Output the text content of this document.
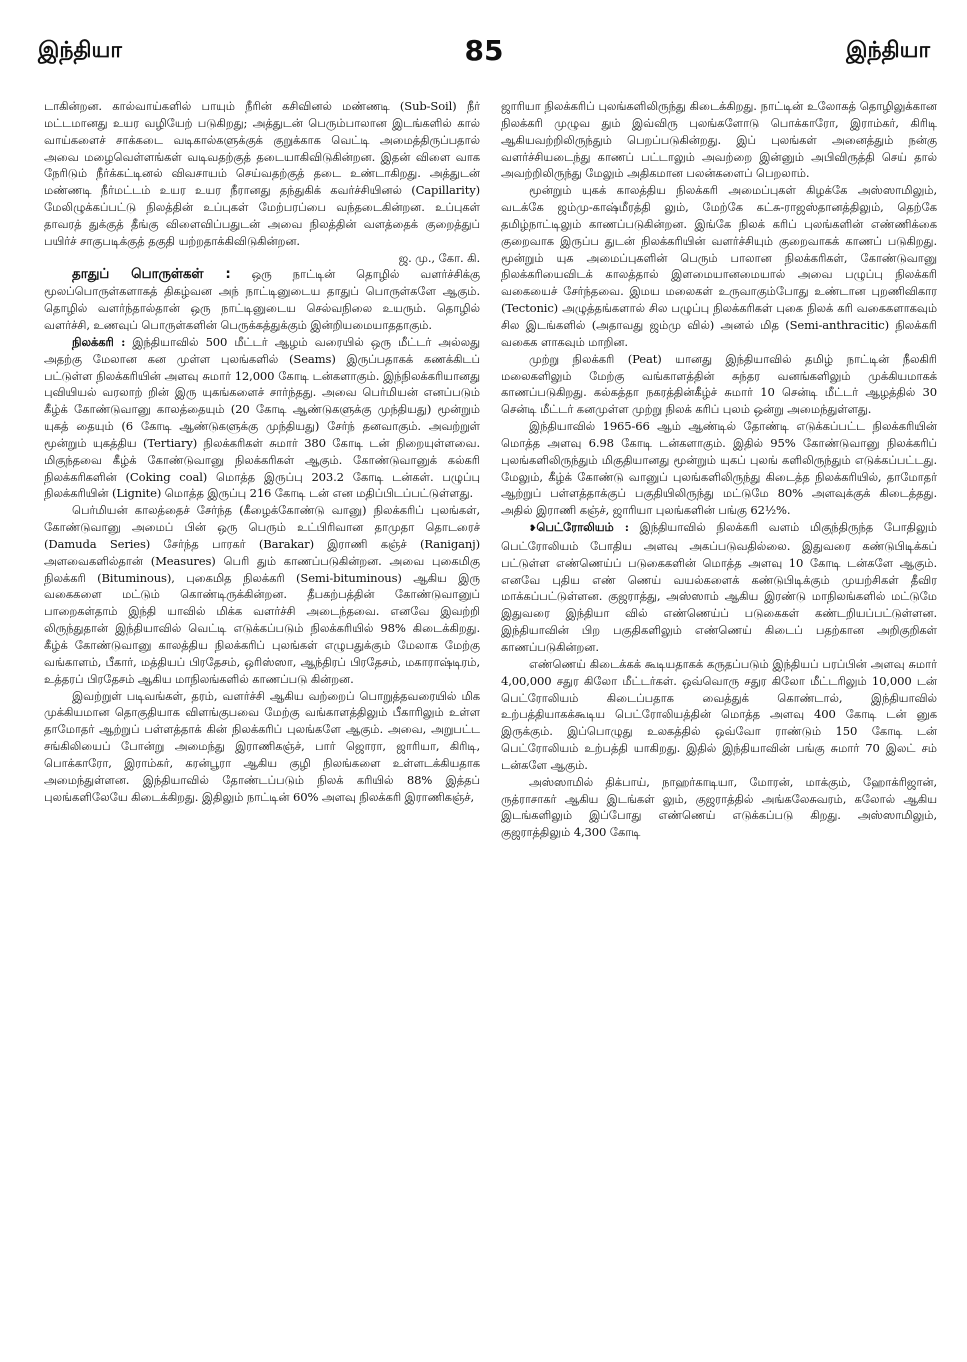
இந்தியா	85	இந்தியா

டாகின்றன. கால்வாய்களில் பாயும் நீரின் கசிவினல் மண்ணடி (Sub-Soil) நீர் மட்டமானது உயர வழியேற் படுகிறது; அத்துடன் பெரும்பாலான இடங்களில் கால் வாய்களைச் சாக்கடை வடிகால்களுக்குக் குறுக்காக வெட்டி அமைத்திருப்பதால் அவை மழைவெள்ளங்கள் வடிவதற்குத் தடையாகிவிடுகின்றன. இதன் விளை வாக நேரிடும் நீர்க்கட்டினல் விவசாயம் செய்வதற்குத் தடை உண்டாகிறது. அத்துடன் மண்ணடி நீர்மட்டம் உயர உயர நீரானது தந்துகிக் கவர்ச்சியினல் (Capillarity) மேலிழுக்கப்பட்டு நிலத்தின் உப்புகள் மேற்பரப்பை வந்தடைகின்றன. உப்புகள் தாவரத் துக்குத் தீங்கு விளைவிப்பதுடன் அவை நிலத்தின் வளத்தைக் குறைத்துப் பயிர்ச் சாகுபடிக்குத் தகுதி யற்றதாக்கிவிடுகின்றன.

ஜ. மு., கோ. கி.

தாதுப் பொருள்கள் : ஒரு நாட்டின் தொழில் வளர்ச்சிக்கு மூலப்பொருள்களாகத் திகழ்வன அந் நாட்டினுடைய தாதுப் பொருள்களே ஆகும். தொழில் வளர்ந்தால்தான் ஒரு நாட்டினுடைய செல்வநிலை உயரும். தொழில் வளர்ச்சி, உணவுப் பொருள்களின் பெருக்கத்துக்கும் இன்றியமையாததாகும்.

நிலக்கரி : இந்தியாவில் 500 மீட்டர் ஆழம் வரையில் ஒரு மீட்டர் அல்லது அதற்கு மேலான கன முள்ள புலங்களில் (Seams) இருப்பதாகக் கணக்கிடப் பட்டுள்ள நிலக்கரியின் அளவு சுமார் 12,000 கோடி டன்களாகும். இந்நிலக்கரியானது புவியியல் வரலாற் றின் இரு யுகங்களைச் சார்ந்தது. அவை பெர்மியன் எனப்படும் கீழ்க் கோண்டுவானு காலத்தையும் (20 கோடி ஆண்டுகளுக்கு முந்தியது) மூன்றும் யுகத் தையும் (6 கோடி ஆண்டுகளுக்கு முந்தியது) சேர்ந் தனவாகும். அவற்றுள் மூன்றும் யுகத்திய (Tertiary) நிலக்கரிகள் சுமார் 380 கோடி டன் நிறையுள்ளவை. மிகுந்தவை கீழ்க் கோண்டுவானு நிலக்கரிகள் ஆகும். கோண்டுவானுக் கல்கரி நிலக்கரிகளின் (Coking coal) மொத்த இருப்பு 203.2 கோடி டன்கள். பழுப்பு நிலக்கரியின் (Lignite) மொத்த இருப்பு 216 கோடி டன் என மதிப்பிடப்பட்டுள்ளது.

பெர்மியன் காலத்தைச் சேர்ந்த (கீழைக்கோண்டு வானு) நிலக்கரிப் புலங்கள், கோண்டுவானு அமைப் பின் ஒரு பெரும் உட்பிரிவான தாமுதா தொடரைச் (Damuda Series) சேர்ந்த பாரகர் (Barakar) இராணி கஞ்ச் (Raniganj) அளவைகளில்தான் (Measures) பெரி தும் காணப்படுகின்றன. அவை புகைமிகு நிலக்கரி (Bituminous), புகைமித நிலக்கரி (Semi-bituminous) ஆகிய இரு வகைகளை மட்டும் கொண்டிருக்கின்றன. தீபகற்பத்தின் கோண்டுவானுப் பாறைகள்தாம் இந்தி யாவில் மிக்க வளர்ச்சி அடைந்தவை. எனவே இவற்றி லிருந்துதான் இந்தியாவில் வெட்டி எடுக்கப்படும் நிலக்கரியில் 98% கிடைக்கிறது. கீழ்க் கோண்டுவானு காலத்திய நிலக்கரிப் புலங்கள் எழுபதுக்கும் மேலாக மேற்கு வங்காளம், பீகார், மத்தியப் பிரதேசம், ஒரிஸ்ஸா, ஆந்திரப் பிரதேசம், மகாராஷ்டிரம், உத்தரப் பிரதேசம் ஆகிய மாநிலங்களில் காணப்படு கின்றன.

இவற்றுள் படிவங்கள், தரம், வளர்ச்சி ஆகிய வற்றைப் பொறுத்தவரையில் மிக முக்கியமான தொகுதியாக விளங்குபவை மேற்கு வங்காளத்திலும் பீகாரிலும் உள்ள தாமோதர் ஆற்றுப் பள்ளத்தாக் கின் நிலக்கரிப் புலங்களே ஆகும். அவை, அறுபட்ட சங்கிலியைப் போன்று அமைந்து இராணிகஞ்ச், பார் ஜொரா, ஜாரியா, கிரிடி, பொக்காரோ, இராம்கர், கரன்பூரா ஆகிய குழி நிலங்களை உள்ளடக்கியதாக அமைந்துள்ளன. இந்தியாவில் தோண்டப்படும் நிலக் கரியில் 88% இத்தப் புலங்களிலேயே கிடைக்கிறது. இதிலும் நாட்டின் 60% அளவு நிலக்கரி இராணிகஞ்ச்,

ஜாரியா நிலக்கரிப் புலங்களிலிருந்து கிடைக்கிறது. நாட்டின் உலோகத் தொழிலுக்கான நிலக்கரி முழுவ தும் இவ்விரு புலங்களோடு பொக்காரோ, இராம்கர், கிரிடி ஆகியவற்றிலிருந்தும் பெறப்படுகின்றது. இப் புலங்கள் அனைத்தும் நன்கு வளர்ச்சியடைந்து காணப் பட்டாலும் அவற்றை இன்னும் அபிவிருத்தி செய் தால் அவற்றிலிருந்து மேலும் அதிகமான பலன்களைப் பெறலாம்.

மூன்றும் யுகக் காலத்திய நிலக்கரி அமைப்புகள் கிழக்கே அஸ்ஸாமிலும், வடக்கே ஜம்மு-காஷ்மீரத்தி லும், மேற்கே கட்சு-ராஜஸ்தானத்திலும், தெற்கே தமிழ்நாட்டிலும் காணப்படுகின்றன. இங்கே நிலக் கரிப் புலங்களின் எண்ணிக்கை குறைவாக இருப்ப துடன் நிலக்கரியின் வளர்ச்சியும் குறைவாகக் காணப் படுகிறது. மூன்றும் யுக அமைப்புகளின் பெரும் பாலான நிலக்கரிகள், கோண்டுவானு நிலக்கரியைவிடக் காலத்தால் இளமையானமையால் அவை பழுப்பு நிலக்கரி வகையைச் சேர்ந்தவை. இமய மலைகள் உருவாகும்போது உண்டான புறணிவிகார (Tectonic) அழுத்தங்களால் சில பழுப்பு நிலக்கரிகள் புகை நிலக் கரி வகைகளாகவும் சில இடங்களில் (அதாவது ஜம்மு வில்) அனல் மித (Semi-anthracitic) நிலக்கரி வகைக ளாகவும் மாறின.

முற்று நிலக்கரி (Peat) யானது இந்தியாவில் தமிழ் நாட்டின் நீலகிரி மலைகளிலும் மேற்கு வங்காளத்தின் சுந்தர வனங்களிலும் முக்கியமாகக் காணப்படுகிறது. கல்கத்தா நகரத்தின்கீழ்ச் சுமார் 10 சென்டி மீட்டர் ஆழத்தில் 30 சென்டி மீட்டர் கனமுள்ள முற்று நிலக் கரிப் புலம் ஒன்று அமைந்துள்ளது.

இந்தியாவில் 1965-66 ஆம் ஆண்டில் தோண்டி எடுக்கப்பட்ட நிலக்கரியின் மொத்த அளவு 6.98 கோடி டன்களாகும். இதில் 95% கோண்டுவானு நிலக்கரிப் புலங்களிலிருந்தும் மிகுதியானது மூன்றும் யுகப் புலங் களிலிருந்தும் எடுக்கப்பட்டது. மேலும், கீழ்க் கோண்டு வானுப் புலங்களிலிருந்து கிடைத்த நிலக்கரியில், தாமோதர் ஆற்றுப் பள்ளத்தாக்குப் பகுதியிலிருந்து மட்டுமே 80% அளவுக்குக் கிடைத்தது. அதில் இராணி கஞ்ச், ஜாரியா புலங்களின் பங்கு 62½%.

❥பெட்ரோலியம் : இந்தியாவில் நிலக்கரி வளம் மிகுந்திருந்த போதிலும் பெட்ரோலியம் போதிய அளவு அகப்படுவதில்லை. இதுவரை கண்டுபிடிக்கப் பட்டுள்ள எண்ணெய்ப் படுகைகளின் மொத்த அளவு 10 கோடி டன்களே ஆகும். எனவே புதிய எண் ணெய் வயல்களைக் கண்டுபிடிக்கும் முயற்சிகள் தீவிர மாக்கப்பட்டுள்ளன. குஜராத்து, அஸ்ஸாம் ஆகிய இரண்டு மாநிலங்களில் மட்டுமே இதுவரை இந்தியா வில் எண்ணெய்ப் படுகைகள் கண்டறியப்பட்டுள்ளன. இந்தியாவின் பிற பகுதிகளிலும் எண்ணெய் கிடைப் பதற்கான அறிகுறிகள் காணப்படுகின்றன.

எண்ணெய் கிடைக்கக் கூடியதாகக் கருதப்படும் இந்தியப் பரப்பின் அளவு சுமார் 4,00,000 சதுர கிலோ மீட்டர்கள். ஒவ்வொரு சதுர கிலோ மீட்டரிலும் 10,000 டன் பெட்ரோலியம் கிடைப்பதாக வைத்துக் கொண்டால், இந்தியாவில் உற்பத்தியாகக்கூடிய பெட்ரோலியத்தின் மொத்த அளவு 400 கோடி டன் னுக இருக்கும். இப்பொழுது உலகத்தில் ஒவ்வோ ராண்டும் 150 கோடி டன் பெட்ரோலியம் உற்பத்தி யாகிறது. இதில் இந்தியாவின் பங்கு சுமார் 70 இலட் சம் டன்களே ஆகும்.

அஸ்ஸாமில் திக்பாய், நாஹர்காடியா, மோரன், மாக்கும், ஹோக்ரிஜான், ருத்ராசாகர் ஆகிய இடங்கள் லும், குஜராத்தில் அங்கலேசுவரம், கலோல் ஆகிய இடங்களிலும் இப்போது எண்ணெய் எடுக்கப்படு கிறது. அஸ்ஸாமிலும், குஜராத்திலும் 4,300 கோடி
